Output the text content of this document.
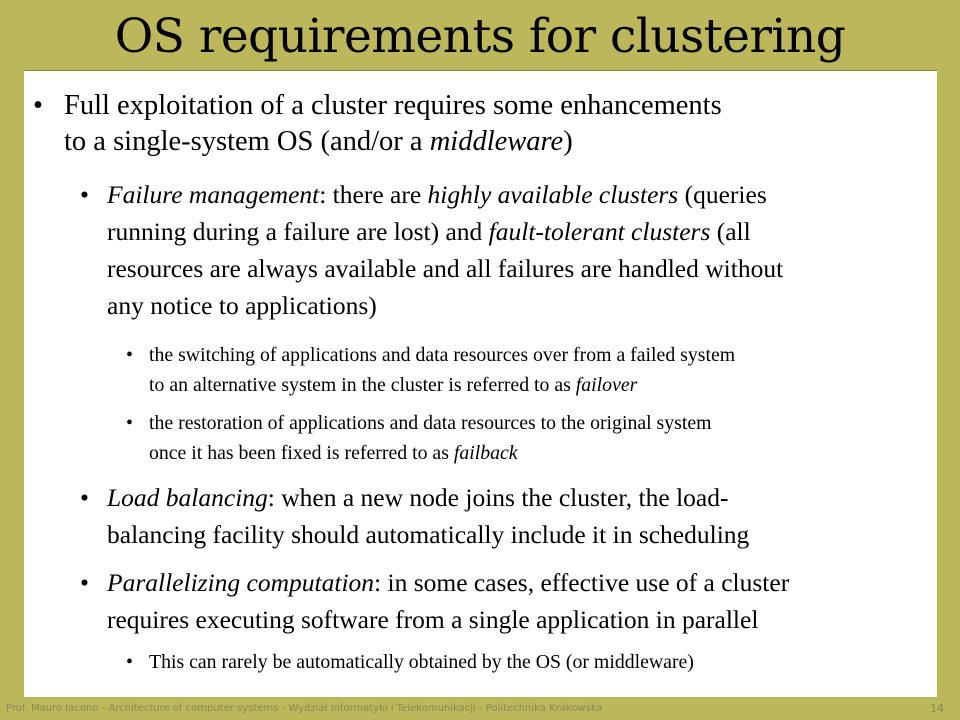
OS requirements for clustering
• Full exploitation of a cluster requires some enhancements
to a single-system OS (and/or a middleware)
• Failure management: there are highly available clusters (queries
running during a failure are lost) and fault-tolerant clusters (all
resources are always available and all failures are handled without
any notice to applications)
• the switching of applications and data resources over from a failed system
to an alternative system in the cluster is referred to as failover
• the restoration of applications and data resources to the original system
once it has been fixed is referred to as failback
• Load balancing: when a new node joins the cluster, the load-
balancing facility should automatically include it in scheduling
• Parallelizing computation: in some cases, effective use of a cluster
requires executing software from a single application in parallel
• This can rarely be automatically obtained by the OS (or middleware)
Prof. Mauro Iacono - Architecture of computer systems - Wydział Informatyki i Telekomunikacji - Politechnika Krakowska	14
